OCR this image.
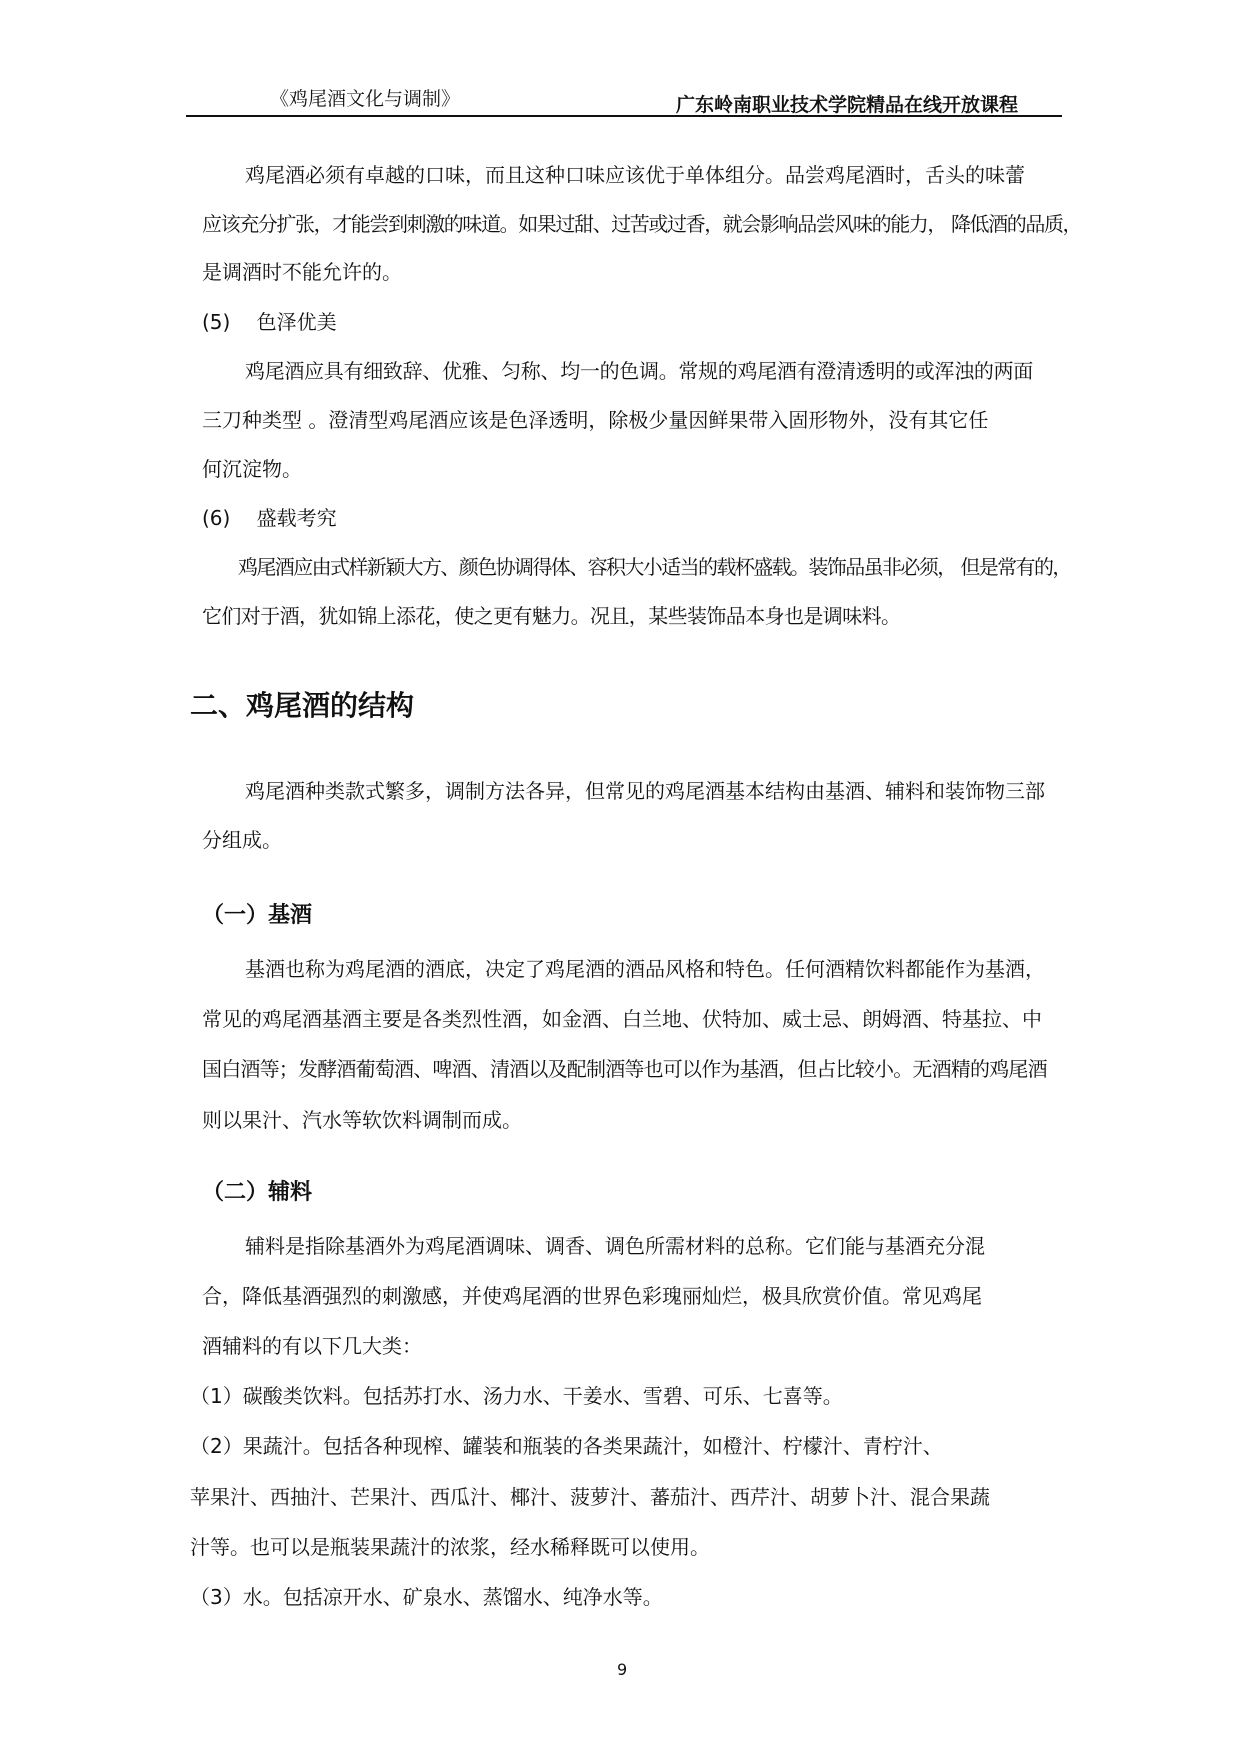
《鸡尾酒文化与调制》	广东岭南职业技术学院精品在线开放课程

鸡尾酒必须有卓越的口味，而且这种口味应该优于单体组分。品尝鸡尾酒时，舌头的味蕾

应该充分扩张，才能尝到刺激的味道。如果过甜、过苦或过香，就会影响品尝风味的能力， 降低酒的品质，

是调酒时不能允许的。

(5)　 色泽优美

鸡尾酒应具有细致辞、优雅、匀称、均一的色调。常规的鸡尾酒有澄清透明的或浑浊的两面

三刀种类型 。澄清型鸡尾酒应该是色泽透明，除极少量因鲜果带入固形物外，没有其它任

何沉淀物。

(6)　 盛载考究

鸡尾酒应由式样新颖大方、颜色协调得体、容积大小适当的载杯盛载。装饰品虽非必须， 但是常有的，

它们对于酒，犹如锦上添花，使之更有魅力。况且，某些装饰品本身也是调味料。

二、鸡尾酒的结构

鸡尾酒种类款式繁多，调制方法各异，但常见的鸡尾酒基本结构由基酒、辅料和装饰物三部

分组成。

（一）基酒

基酒也称为鸡尾酒的酒底，决定了鸡尾酒的酒品风格和特色。任何酒精饮料都能作为基酒，

常见的鸡尾酒基酒主要是各类烈性酒，如金酒、白兰地、伏特加、威士忌、朗姆酒、特基拉、中

国白酒等；发酵酒葡萄酒、啤酒、清酒以及配制酒等也可以作为基酒，但占比较小。无酒精的鸡尾酒

则以果汁、汽水等软饮料调制而成。

（二）辅料

辅料是指除基酒外为鸡尾酒调味、调香、调色所需材料的总称。它们能与基酒充分混

合，降低基酒强烈的刺激感，并使鸡尾酒的世界色彩瑰丽灿烂，极具欣赏价值。常见鸡尾

酒辅料的有以下几大类：

（1）碳酸类饮料。包括苏打水、汤力水、干姜水、雪碧、可乐、七喜等。

（2）果蔬汁。包括各种现榨、罐装和瓶装的各类果蔬汁，如橙汁、柠檬汁、青柠汁、

苹果汁、西抽汁、芒果汁、西瓜汁、椰汁、菠萝汁、蕃茄汁、西芹汁、胡萝卜汁、混合果蔬

汁等。也可以是瓶装果蔬汁的浓浆，经水稀释既可以使用。

（3）水。包括凉开水、矿泉水、蒸馏水、纯净水等。

9
